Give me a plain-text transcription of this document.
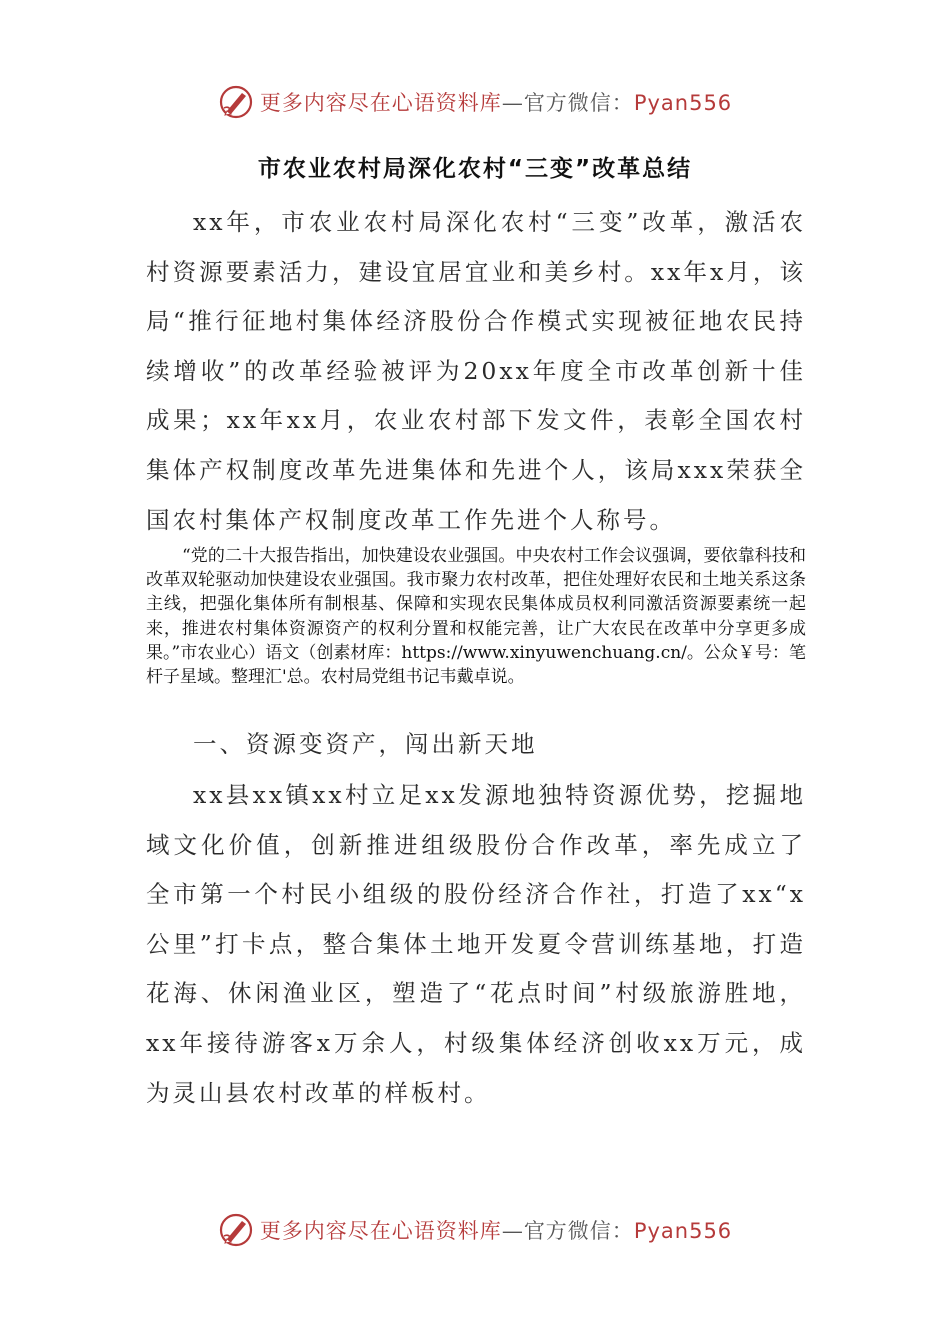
更多内容尽在心语资料库—官方微信：Pyan556
市农业农村局深化农村“三变”改革总结

xx年，市农业农村局深化农村“三变”改革，激活农村资源要素活力，建设宜居宜业和美乡村。xx年x月，该局“推行征地村集体经济股份合作模式实现被征地农民持续增收”的改革经验被评为20xx年度全市改革创新十佳成果；xx年xx月，农业农村部下发文件，表彰全国农村集体产权制度改革先进集体和先进个人，该局xxx荣获全国农村集体产权制度改革工作先进个人称号。

“党的二十大报告指出，加快建设农业强国。中央农村工作会议强调，要依靠科技和改革双轮驱动加快建设农业强国。我市聚力农村改革，把住处理好农民和土地关系这条主线，把强化集体所有制根基、保障和实现农民集体成员权利同激活资源要素统一起来，推进农村集体资源资产的权利分置和权能完善，让广大农民在改革中分享更多成果。”市农业心）语文（创素材库：https://www.xinyuwenchuang.cn/。公众￥号：笔杆子星域。整理汇'总。农村局党组书记韦戴卓说。

一、资源变资产，闯出新天地

xx县xx镇xx村立足xx发源地独特资源优势，挖掘地域文化价值，创新推进组级股份合作改革，率先成立了全市第一个村民小组级的股份经济合作社，打造了xx“x公里”打卡点，整合集体土地开发夏令营训练基地，打造花海、休闲渔业区，塑造了“花点时间”村级旅游胜地，xx年接待游客x万余人，村级集体经济创收xx万元，成为灵山县农村改革的样板村。

更多内容尽在心语资料库—官方微信：Pyan556
